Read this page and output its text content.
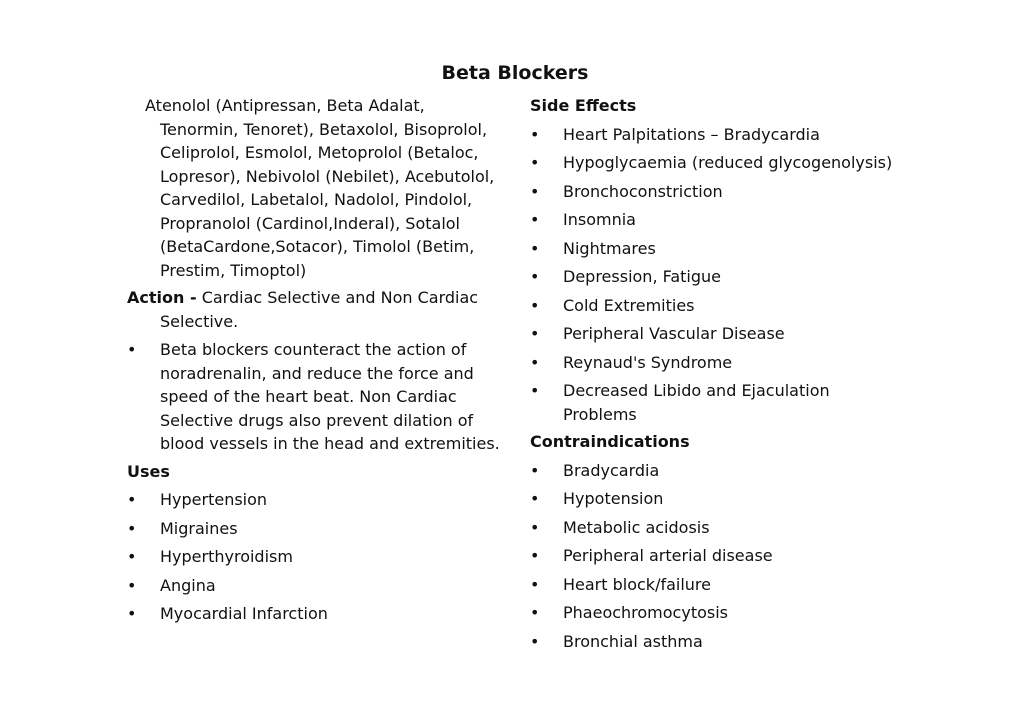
Beta Blockers
Atenolol (Antipressan, Beta Adalat,
Tenormin, Tenoret), Betaxolol, Bisoprolol,
Celiprolol, Esmolol, Metoprolol (Betaloc,
Lopresor), Nebivolol (Nebilet), Acebutolol,
Carvedilol, Labetalol, Nadolol, Pindolol,
Propranolol (Cardinol,Inderal), Sotalol
(BetaCardone,Sotacor), Timolol (Betim,
Prestim, Timoptol)
Action - Cardiac Selective and Non Cardiac
Selective.
•	Beta blockers counteract the action of
noradrenalin, and reduce the force and
speed of the heart beat. Non Cardiac
Selective drugs also prevent dilation of
blood vessels in the head and extremities.
Uses
•	Hypertension
•	Migraines
•	Hyperthyroidism
•	Angina
•	Myocardial Infarction
Side Effects
•	Heart Palpitations – Bradycardia
•	Hypoglycaemia (reduced glycogenolysis)
•	Bronchoconstriction
•	Insomnia
•	Nightmares
•	Depression, Fatigue
•	Cold Extremities
•	Peripheral Vascular Disease
•	Reynaud's Syndrome
•	Decreased Libido and Ejaculation
Problems
Contraindications
•	Bradycardia
•	Hypotension
•	Metabolic acidosis
•	Peripheral arterial disease
•	Heart block/failure
•	Phaeochromocytosis
•	Bronchial asthma
